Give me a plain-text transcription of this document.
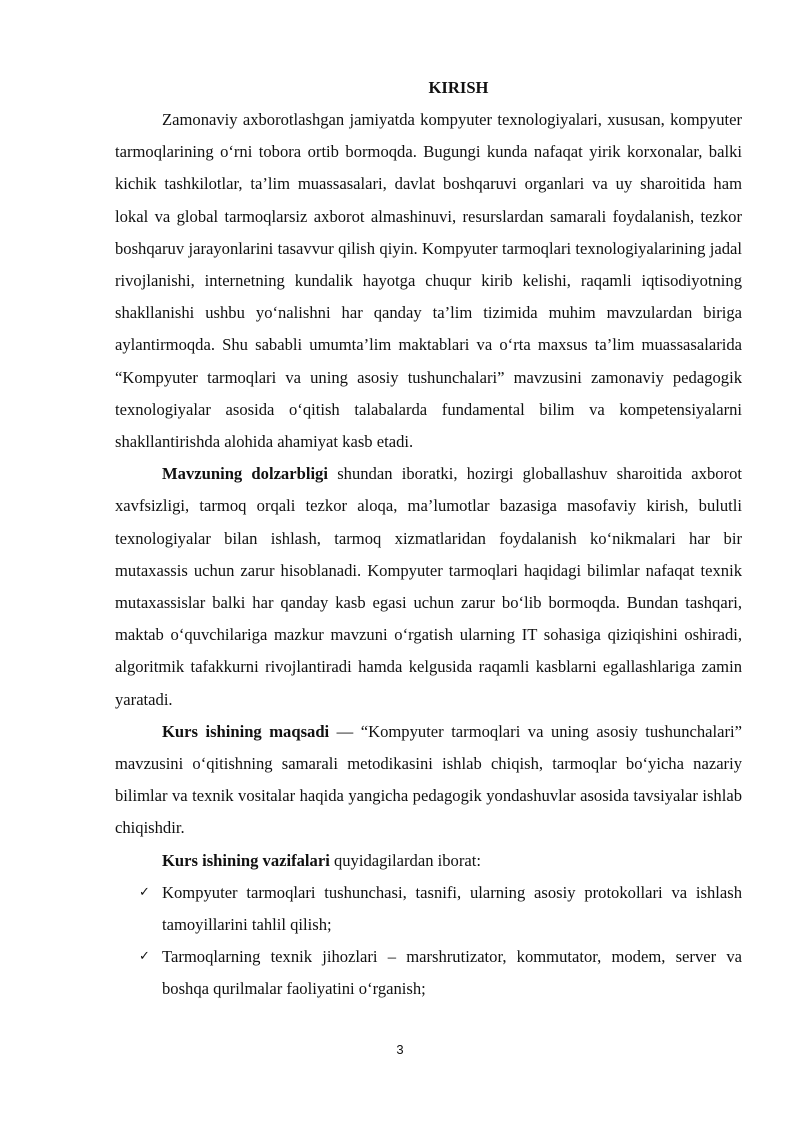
KIRISH

Zamonaviy axborotlashgan jamiyatda kompyuter texnologiyalari, xususan, kompyuter tarmoqlarining o‘rni tobora ortib bormoqda. Bugungi kunda nafaqat yirik korxonalar, balki kichik tashkilotlar, ta’lim muassasalari, davlat boshqaruvi organlari va uy sharoitida ham lokal va global tarmoqlarsiz axborot almashinuvi, resurslardan samarali foydalanish, tezkor boshqaruv jarayonlarini tasavvur qilish qiyin. Kompyuter tarmoqlari texnologiyalarining jadal rivojlanishi, internetning kundalik hayotga chuqur kirib kelishi, raqamli iqtisodiyotning shakllanishi ushbu yo‘nalishni har qanday ta’lim tizimida muhim mavzulardan biriga aylantirmoqda. Shu sababli umumta’lim maktablari va o‘rta maxsus ta’lim muassasalarida “Kompyuter tarmoqlari va uning asosiy tushunchalari” mavzusini zamonaviy pedagogik texnologiyalar asosida o‘qitish talabalarda fundamental bilim va kompetensiyalarni shakllantirishda alohida ahamiyat kasb etadi.

Mavzuning dolzarbligi shundan iboratki, hozirgi globallashuv sharoitida axborot xavfsizligi, tarmoq orqali tezkor aloqa, ma’lumotlar bazasiga masofaviy kirish, bulutli texnologiyalar bilan ishlash, tarmoq xizmatlaridan foydalanish ko‘nikmalari har bir mutaxassis uchun zarur hisoblanadi. Kompyuter tarmoqlari haqidagi bilimlar nafaqat texnik mutaxassislar balki har qanday kasb egasi uchun zarur bo‘lib bormoqda. Bundan tashqari, maktab o‘quvchilariga mazkur mavzuni o‘rgatish ularning IT sohasiga qiziqishini oshiradi, algoritmik tafakkurni rivojlantiradi hamda kelgusida raqamli kasblarni egallashlariga zamin yaratadi.

Kurs ishining maqsadi — “Kompyuter tarmoqlari va uning asosiy tushunchalari” mavzusini o‘qitishning samarali metodikasini ishlab chiqish, tarmoqlar bo‘yicha nazariy bilimlar va texnik vositalar haqida yangicha pedagogik yondashuvlar asosida tavsiyalar ishlab chiqishdir.

Kurs ishining vazifalari quyidagilardan iborat:

✓ Kompyuter tarmoqlari tushunchasi, tasnifi, ularning asosiy protokollari va ishlash tamoyillarini tahlil qilish;
✓ Tarmoqlarning texnik jihozlari – marshrutizator, kommutator, modem, server va boshqa qurilmalar faoliyatini o‘rganish;
3
